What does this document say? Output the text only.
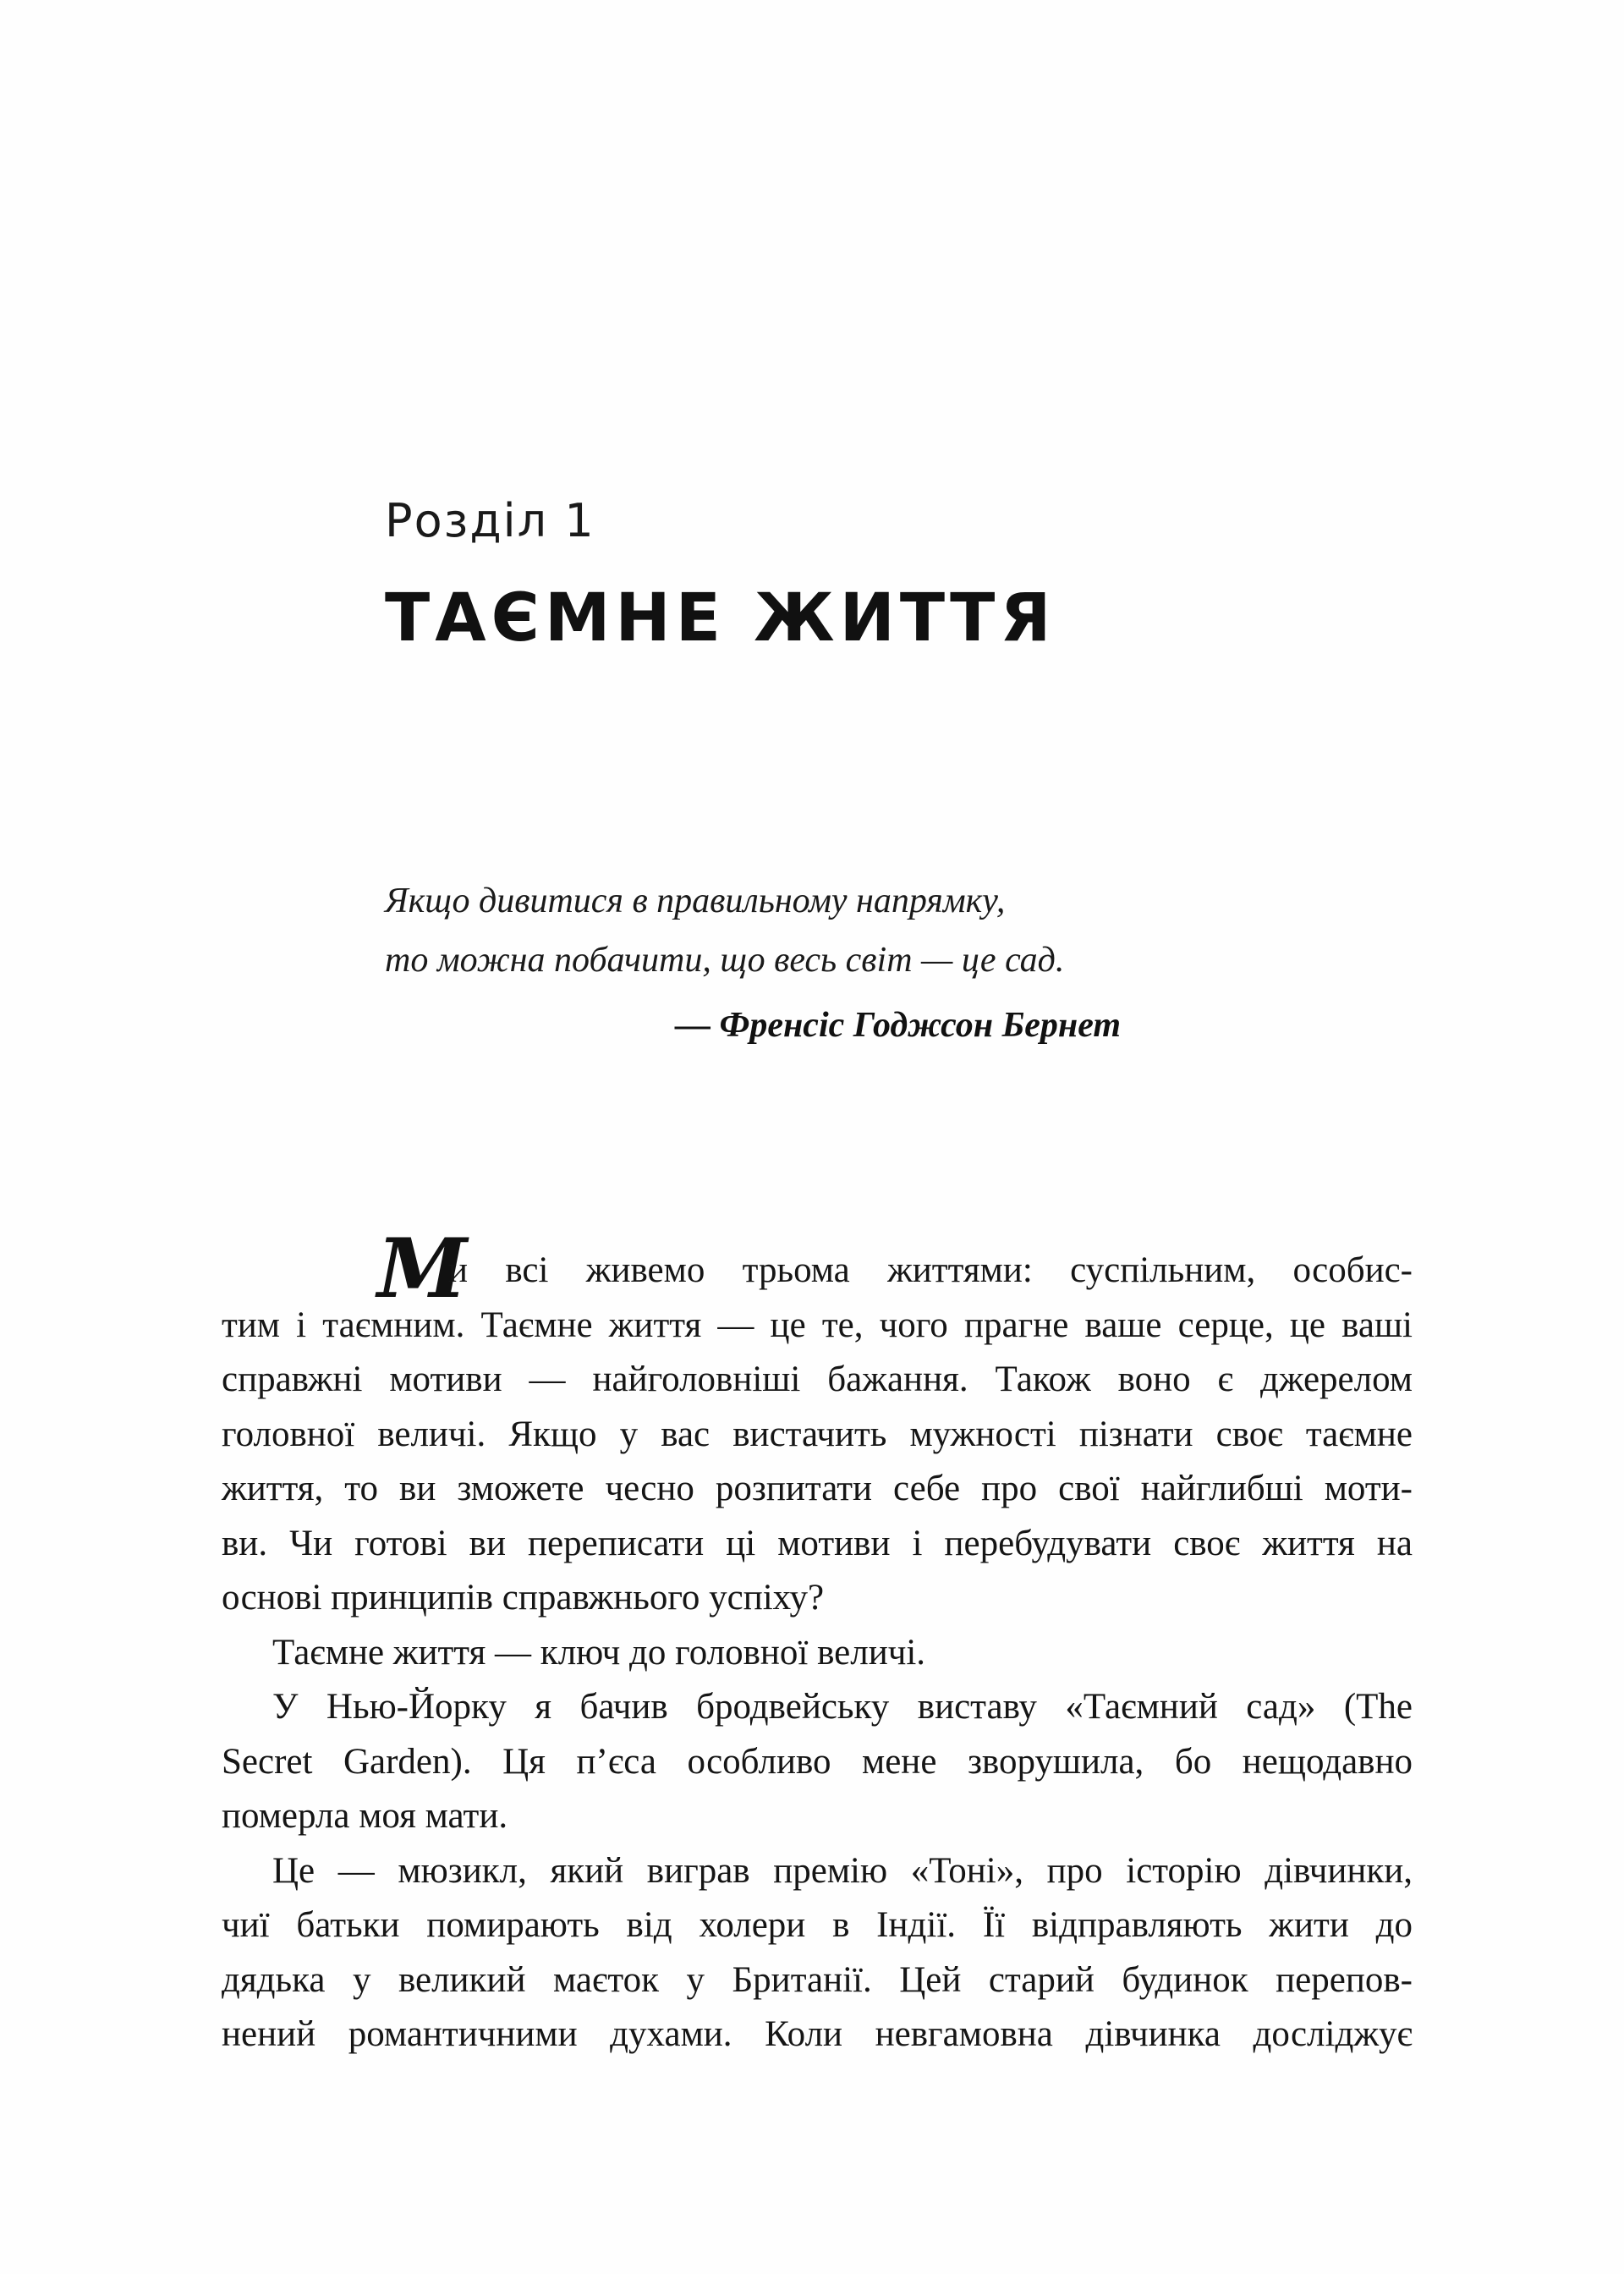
Розділ 1
ТАЄМНЕ ЖИТТЯ
Якщо дивитися в правильному напрямку,
то можна побачити, що весь світ — це сад.
— Френсіс Годжсон Бернет
М
и всі живемо трьома життями: суспільним, особис-
тим і таємним. Таємне життя — це те, чого прагне ваше серце, це ваші
справжні мотиви — найголовніші бажання. Також воно є джерелом
головної величі. Якщо у вас вистачить мужності пізнати своє таємне
життя, то ви зможете чесно розпитати себе про свої найглибші моти-
ви. Чи готові ви переписати ці мотиви і перебудувати своє життя на
основі принципів справжнього успіху?
Таємне життя — ключ до головної величі.
У Нью-Йорку я бачив бродвейську виставу «Таємний сад» (The
Secret Garden). Ця п’єса особливо мене зворушила, бо нещодавно
померла моя мати.
Це — мюзикл, який виграв премію «Тоні», про історію дівчинки,
чиї батьки помирають від холери в Індії. Її відправляють жити до
дядька у великий маєток у Британії. Цей старий будинок перепов-
нений романтичними духами. Коли невгамовна дівчинка досліджує
